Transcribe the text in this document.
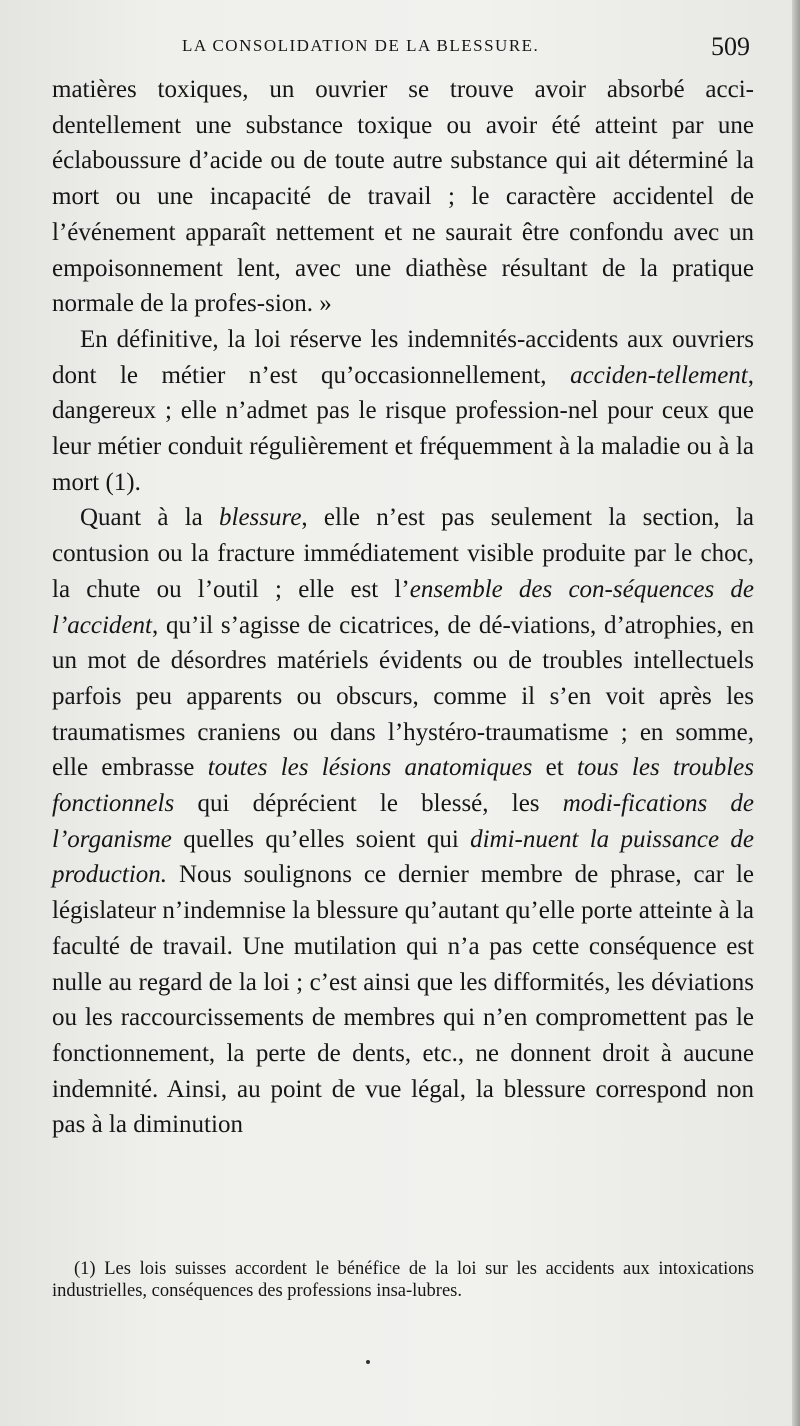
LA CONSOLIDATION DE LA BLESSURE.	509

matières toxiques, un ouvrier se trouve avoir absorbé acci-dentellement une substance toxique ou avoir été atteint par une éclaboussure d’acide ou de toute autre substance qui ait déterminé la mort ou une incapacité de travail ; le caractère accidentel de l’événement apparaît nettement et ne saurait être confondu avec un empoisonnement lent, avec une diathèse résultant de la pratique normale de la profes-sion. »

En définitive, la loi réserve les indemnités-accidents aux ouvriers dont le métier n’est qu’occasionnellement, acciden-tellement, dangereux ; elle n’admet pas le risque profession-nel pour ceux que leur métier conduit régulièrement et fréquemment à la maladie ou à la mort (1).

Quant à la blessure, elle n’est pas seulement la section, la contusion ou la fracture immédiatement visible produite par le choc, la chute ou l’outil ; elle est l’ensemble des con-séquences de l’accident, qu’il s’agisse de cicatrices, de dé-viations, d’atrophies, en un mot de désordres matériels évidents ou de troubles intellectuels parfois peu apparents ou obscurs, comme il s’en voit après les traumatismes craniens ou dans l’hystéro-traumatisme ; en somme, elle embrasse toutes les lésions anatomiques et tous les troubles fonctionnels qui déprécient le blessé, les modi-fications de l’organisme quelles qu’elles soient qui dimi-nuent la puissance de production. Nous soulignons ce dernier membre de phrase, car le législateur n’indemnise la blessure qu’autant qu’elle porte atteinte à la faculté de travail. Une mutilation qui n’a pas cette conséquence est nulle au regard de la loi ; c’est ainsi que les difformités, les déviations ou les raccourcissements de membres qui n’en compromettent pas le fonctionnement, la perte de dents, etc., ne donnent droit à aucune indemnité. Ainsi, au point de vue légal, la blessure correspond non pas à la diminution

(1) Les lois suisses accordent le bénéfice de la loi sur les accidents aux intoxications industrielles, conséquences des professions insa-lubres.
